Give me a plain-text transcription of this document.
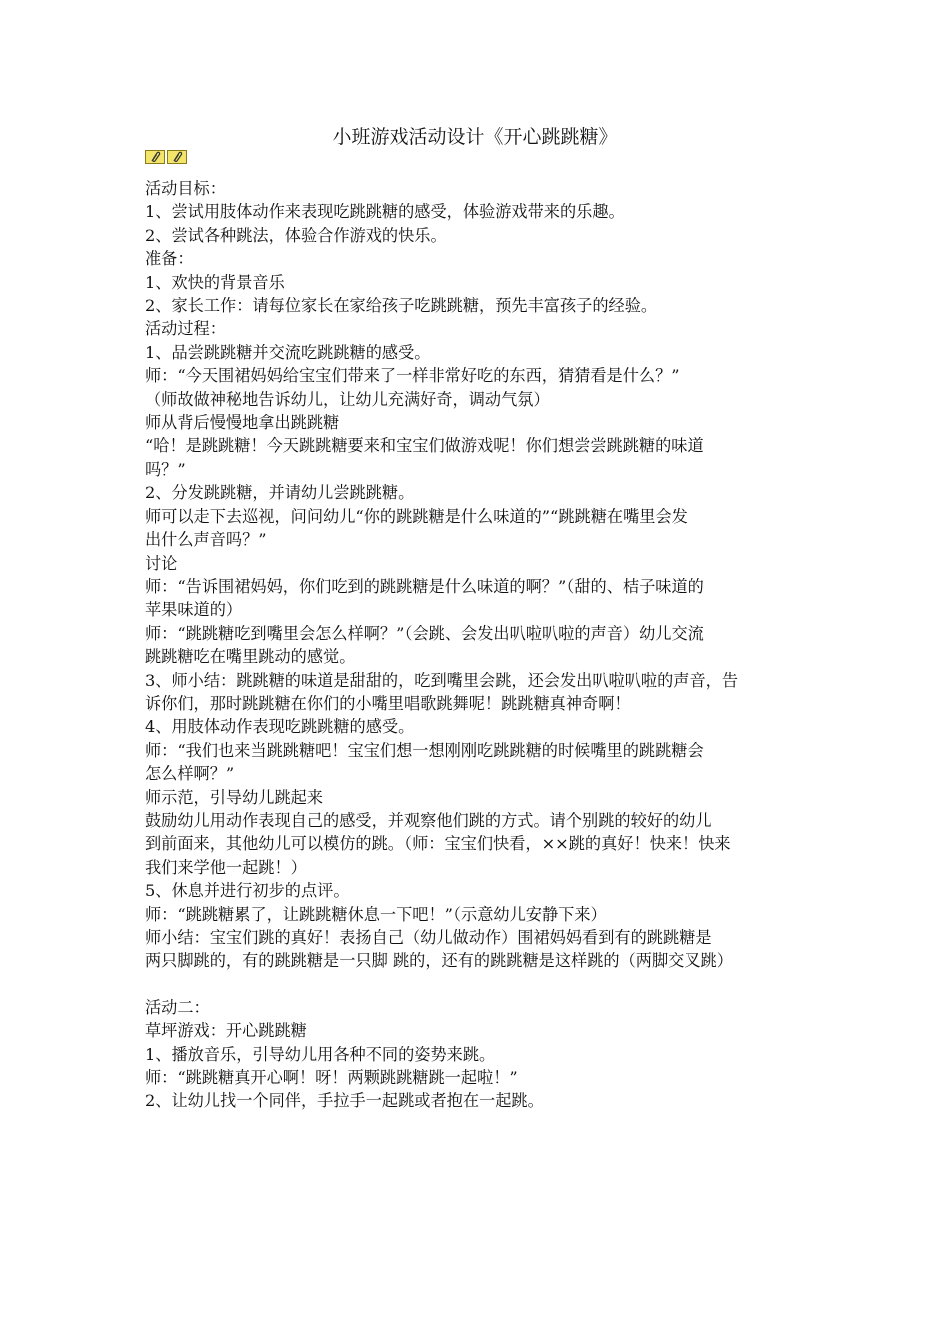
小班游戏活动设计《开心跳跳糖》

活动目标：

1、尝试用肢体动作来表现吃跳跳糖的感受，体验游戏带来的乐趣。

2、尝试各种跳法，体验合作游戏的快乐。

准备：

1、欢快的背景音乐

2、家长工作：请每位家长在家给孩子吃跳跳糖，预先丰富孩子的经验。

活动过程：

1、品尝跳跳糖并交流吃跳跳糖的感受。

师：“今天围裙妈妈给宝宝们带来了一样非常好吃的东西，猜猜看是什么？”

（师故做神秘地告诉幼儿，让幼儿充满好奇，调动气氛）

师从背后慢慢地拿出跳跳糖

“哈！是跳跳糖！今天跳跳糖要来和宝宝们做游戏呢！你们想尝尝跳跳糖的味道

吗？”

2、分发跳跳糖，并请幼儿尝跳跳糖。

师可以走下去巡视，问问幼儿“你的跳跳糖是什么味道的”“跳跳糖在嘴里会发

出什么声音吗？”

讨论

师：“告诉围裙妈妈，你们吃到的跳跳糖是什么味道的啊？”（甜的、桔子味道的

苹果味道的）

师：“跳跳糖吃到嘴里会怎么样啊？”（会跳、会发出叭啦叭啦的声音）幼儿交流

跳跳糖吃在嘴里跳动的感觉。

3、师小结：跳跳糖的味道是甜甜的，吃到嘴里会跳，还会发出叭啦叭啦的声音，告

诉你们，那时跳跳糖在你们的小嘴里唱歌跳舞呢！跳跳糖真神奇啊！

4、用肢体动作表现吃跳跳糖的感受。

师：“我们也来当跳跳糖吧！宝宝们想一想刚刚吃跳跳糖的时候嘴里的跳跳糖会

怎么样啊？”

师示范，引导幼儿跳起来

鼓励幼儿用动作表现自己的感受，并观察他们跳的方式。请个别跳的较好的幼儿

到前面来，其他幼儿可以模仿的跳。（师：宝宝们快看，××跳的真好！快来！快来

我们来学他一起跳！）

5、休息并进行初步的点评。

师：“跳跳糖累了，让跳跳糖休息一下吧！”（示意幼儿安静下来）

师小结：宝宝们跳的真好！表扬自己（幼儿做动作）围裙妈妈看到有的跳跳糖是

两只脚跳的，有的跳跳糖是一只脚 跳的，还有的跳跳糖是这样跳的（两脚交叉跳）

活动二：

草坪游戏：开心跳跳糖

1、播放音乐，引导幼儿用各种不同的姿势来跳。

师：“跳跳糖真开心啊！呀！两颗跳跳糖跳一起啦！”

2、让幼儿找一个同伴，手拉手一起跳或者抱在一起跳。
